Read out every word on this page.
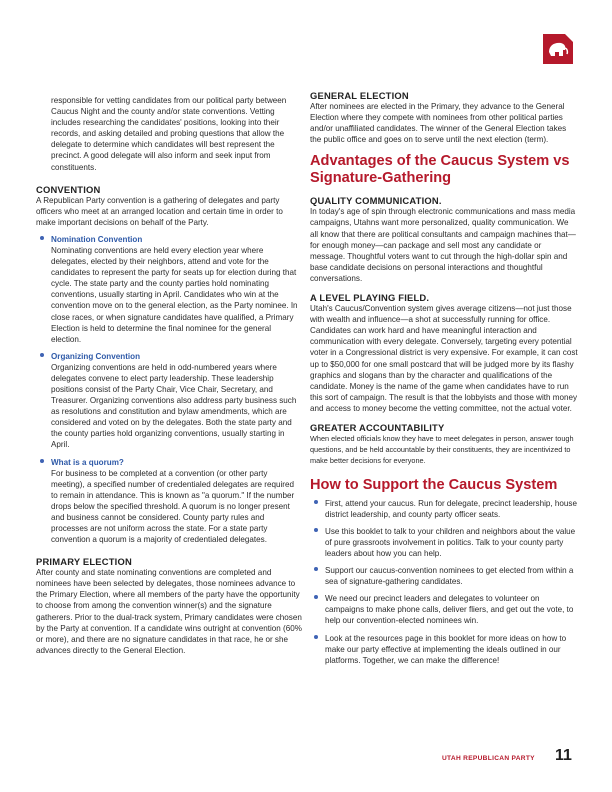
responsible for vetting candidates from our political party between Caucus Night and the county and/or state conventions. Vetting includes researching the candidates' positions, looking into their records, and asking detailed and probing questions that allow the delegate to determine which candidates will best represent the precinct. A good delegate will also inform and seek input from constituents.

CONVENTION

A Republican Party convention is a gathering of delegates and party officers who meet at an arranged location and certain time in order to make important decisions on behalf of the Party.

Nomination Convention

Nominating conventions are held every election year where delegates, elected by their neighbors, attend and vote for the candidates to represent the party for seats up for election during that cycle. The state party and the county parties hold nominating conventions, usually starting in April. Candidates who win at the convention move on to the general election, as the Party nominee. In close races, or when signature candidates have qualified, a Primary Election is held to determine the final nominee for the general election.

Organizing Convention

Organizing conventions are held in odd-numbered years where delegates convene to elect party leadership. These leadership positions consist of the Party Chair, Vice Chair, Secretary, and Treasurer. Organizing conventions also address party business such as resolutions and constitution and bylaw amendments, which are considered and voted on by the delegates. Both the state party and the county parties hold organizing conventions, usually starting in April.

What is a quorum?

For business to be completed at a convention (or other party meeting), a specified number of credentialed delegates are required to remain in attendance. This is known as "a quorum." If the number drops below the specified threshold. A quorum is no longer present and business cannot be considered. County party rules and processes are not uniform across the state. For a state party convention a quorum is a majority of credentialed delegates.

PRIMARY ELECTION

After county and state nominating conventions are completed and nominees have been selected by delegates, those nominees advance to the Primary Election, where all members of the party have the opportunity to choose from among the convention winner(s) and the signature gatherers. Prior to the dual-track system, Primary candidates were chosen by the Party at convention. If a candidate wins outright at convention (60% or more), and there are no signature candidates in that race, he or she advances directly to the General Election.

GENERAL ELECTION

After nominees are elected in the Primary, they advance to the General Election where they compete with nominees from other political parties and/or unaffiliated candidates. The winner of the General Election takes the public office and goes on to serve until the next election (term).

Advantages of the Caucus System vs Signature-Gathering
QUALITY COMMUNICATION.

In today's age of spin through electronic communications and mass media campaigns, Utahns want more personalized, quality communication. We all know that there are political consultants and campaign machines that—for enough money—can package and sell most any candidate or message. Thoughtful voters want to cut through the high-dollar spin and base candidate decisions on personal interactions and thoughtful conversations.

A LEVEL PLAYING FIELD.

Utah's Caucus/Convention system gives average citizens—not just those with wealth and influence—a shot at successfully running for office. Candidates can work hard and have meaningful interaction and communication with every delegate. Conversely, targeting every potential voter in a Congressional district is very expensive. For example, it can cost up to $50,000 for one small postcard that will be judged more by its flashy graphics and slogans than by the character and qualifications of the candidate. Money is the name of the game when candidates have to run this sort of campaign. The result is that the lobbyists and those with money and access to money become the vetting committee, not the actual voter.

GREATER ACCOUNTABILITY

When elected officials know they have to meet delegates in person, answer tough questions, and be held accountable by their constituents, they are incentivized to make better decisions for everyone.

How to Support the Caucus System

First, attend your caucus. Run for delegate, precinct leadership, house district leadership, and county party officer seats.

Use this booklet to talk to your children and neighbors about the value of pure grassroots involvement in politics. Talk to your county party leaders about how you can help.

Support our caucus-convention nominees to get elected from within a sea of signature-gathering candidates.

We need our precinct leaders and delegates to volunteer on campaigns to make phone calls, deliver fliers, and get out the vote, to help our convention-elected nominees win.

Look at the resources page in this booklet for more ideas on how to make our party effective at implementing the ideals outlined in our platforms. Together, we can make the difference!

UTAH REPUBLICAN PARTY 11
